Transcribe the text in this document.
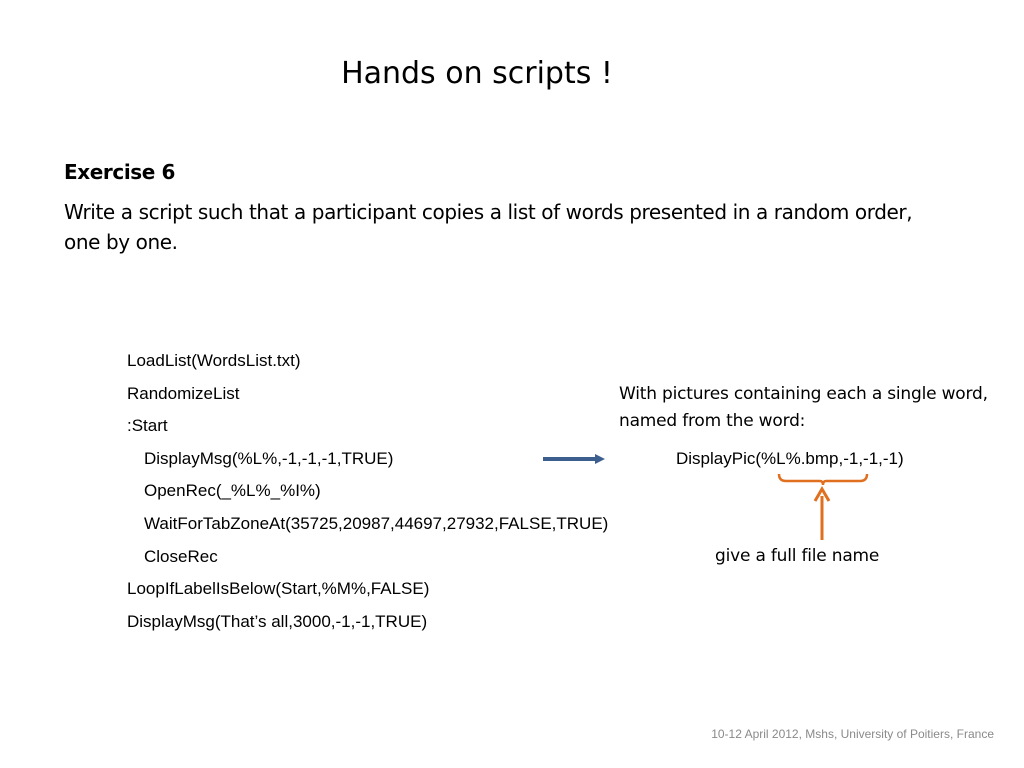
Hands on scripts !
Exercise 6
Write a script such that a participant copies a list of words presented in a random order, one by one.
LoadList(WordsList.txt)
RandomizeList
:Start
DisplayMsg(%L%,-1,-1,-1,TRUE)
OpenRec(_%L%_%I%)
WaitForTabZoneAt(35725,20987,44697,27932,FALSE,TRUE)
CloseRec
LoopIfLabelIsBelow(Start,%M%,FALSE)
DisplayMsg(That’s all,3000,-1,-1,TRUE)
With pictures containing each a single word, named from the word:
DisplayPic(%L%.bmp,-1,-1,-1)
give a full file name
10-12 April 2012, Mshs, University of Poitiers, France
